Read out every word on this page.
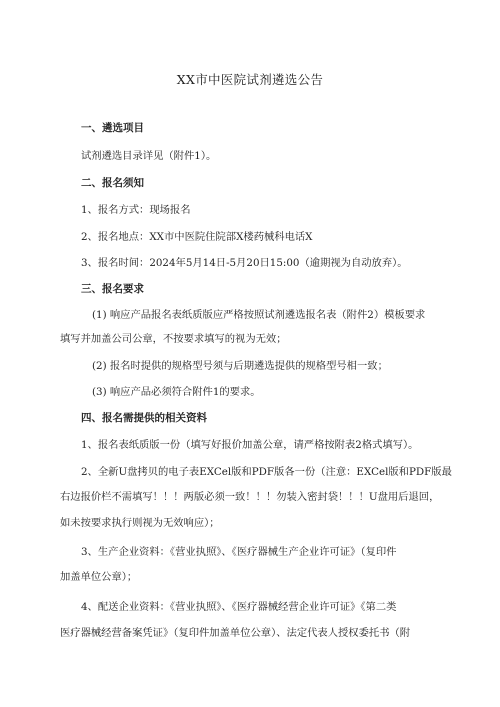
XX市中医院试剂遴选公告
一、遴选项目
试剂遴选目录详见（附件1）。
二、报名须知
1、报名方式：现场报名
2、报名地点：XX市中医院住院部X楼药械科电话X
3、报名时间：2024年5月14日-5月20日15:00（逾期视为自动放弃）。
三、报名要求
(1) 响应产品报名表纸质版应严格按照试剂遴选报名表（附件2）模板要求
填写并加盖公司公章，不按要求填写的视为无效；
(2) 报名时提供的规格型号须与后期遴选提供的规格型号相一致；
(3) 响应产品必须符合附件1的要求。
四、报名需提供的相关资料
1、报名表纸质版一份（填写好报价加盖公章，请严格按附表2格式填写）。
2、全新U盘拷贝的电子表EXCel版和PDF版各一份（注意：EXCel版和PDF版最
右边报价栏不需填写！！！两版必须一致！！！勿装入密封袋！！！U盘用后退回，
如未按要求执行则视为无效响应）；
3、生产企业资料：《营业执照》、《医疗器械生产企业许可证》（复印件
加盖单位公章）；
4、配送企业资料：《营业执照》、《医疗器械经营企业许可证》《第二类
医疗器械经营备案凭证》（复印件加盖单位公章）、法定代表人授权委托书（附
